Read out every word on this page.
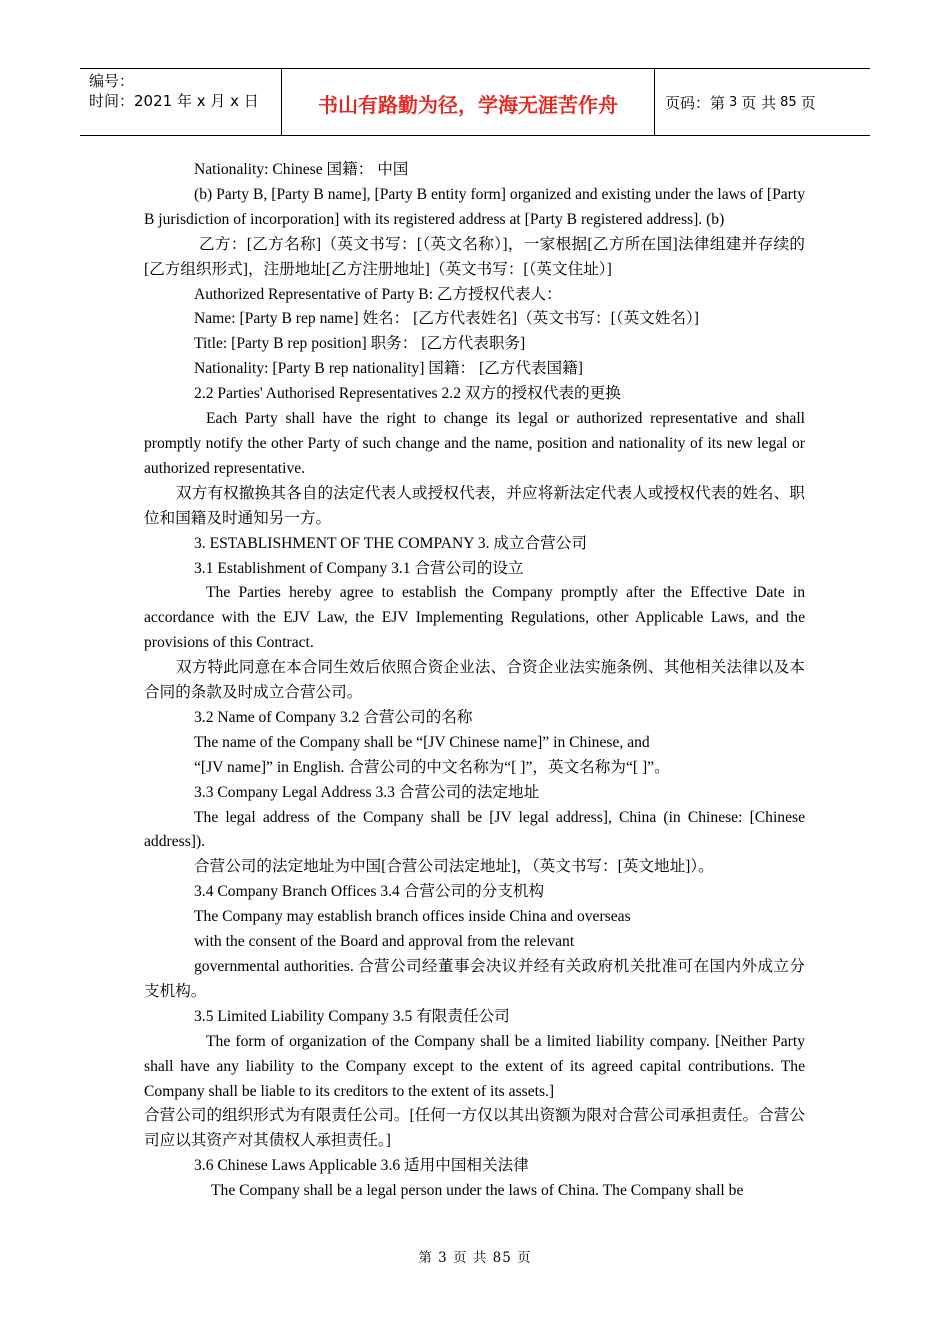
编号：
时间：2021 年 x 月 x 日	书山有路勤为径，学海无涯苦作舟	页码：第 3 页 共 85 页

Nationality: Chinese 国籍： 中国

(b) Party B, [Party B name], [Party B entity form] organized and existing under the laws of [Party B jurisdiction of incorporation] with its registered address at [Party B registered address]. (b)

乙方：[乙方名称]（英文书写：[（英文名称）]，一家根据[乙方所在国]法律组建并存续的[乙方组织形式]，注册地址[乙方注册地址]（英文书写：[（英文住址）]

Authorized Representative of Party B: 乙方授权代表人：

Name: [Party B rep name] 姓名： [乙方代表姓名]（英文书写：[（英文姓名）]

Title: [Party B rep position] 职务： [乙方代表职务]

Nationality: [Party B rep nationality] 国籍： [乙方代表国籍]

2.2 Parties' Authorised Representatives 2.2 双方的授权代表的更换

Each Party shall have the right to change its legal or authorized representative and shall promptly notify the other Party of such change and the name, position and nationality of its new legal or authorized representative.

双方有权撤换其各自的法定代表人或授权代表，并应将新法定代表人或授权代表的姓名、职位和国籍及时通知另一方。

3. ESTABLISHMENT OF THE COMPANY 3. 成立合营公司

3.1 Establishment of Company 3.1 合营公司的设立

The Parties hereby agree to establish the Company promptly after the Effective Date in accordance with the EJV Law, the EJV Implementing Regulations, other Applicable Laws, and the provisions of this Contract.

双方特此同意在本合同生效后依照合资企业法、合资企业法实施条例、其他相关法律以及本合同的条款及时成立合营公司。

3.2 Name of Company 3.2 合营公司的名称

The name of the Company shall be “[JV Chinese name]” in Chinese, and

“[JV name]” in English. 合营公司的中文名称为“[ ]”，英文名称为“[ ]”。

3.3 Company Legal Address 3.3 合营公司的法定地址

The legal address of the Company shall be [JV legal address], China (in Chinese: [Chinese address]).

合营公司的法定地址为中国[合营公司法定地址]，（英文书写：[英文地址]）。

3.4 Company Branch Offices 3.4 合营公司的分支机构

The Company may establish branch offices inside China and overseas

with the consent of the Board and approval from the relevant

governmental authorities. 合营公司经董事会决议并经有关政府机关批准可在国内外成立分支机构。

3.5 Limited Liability Company 3.5 有限责任公司

The form of organization of the Company shall be a limited liability company. [Neither Party shall have any liability to the Company except to the extent of its agreed capital contributions. The Company shall be liable to its creditors to the extent of its assets.]

合营公司的组织形式为有限责任公司。[任何一方仅以其出资额为限对合营公司承担责任。合营公司应以其资产对其债权人承担责任。]

3.6 Chinese Laws Applicable 3.6 适用中国相关法律

The Company shall be a legal person under the laws of China. The Company shall be

第 3 页 共 85 页
